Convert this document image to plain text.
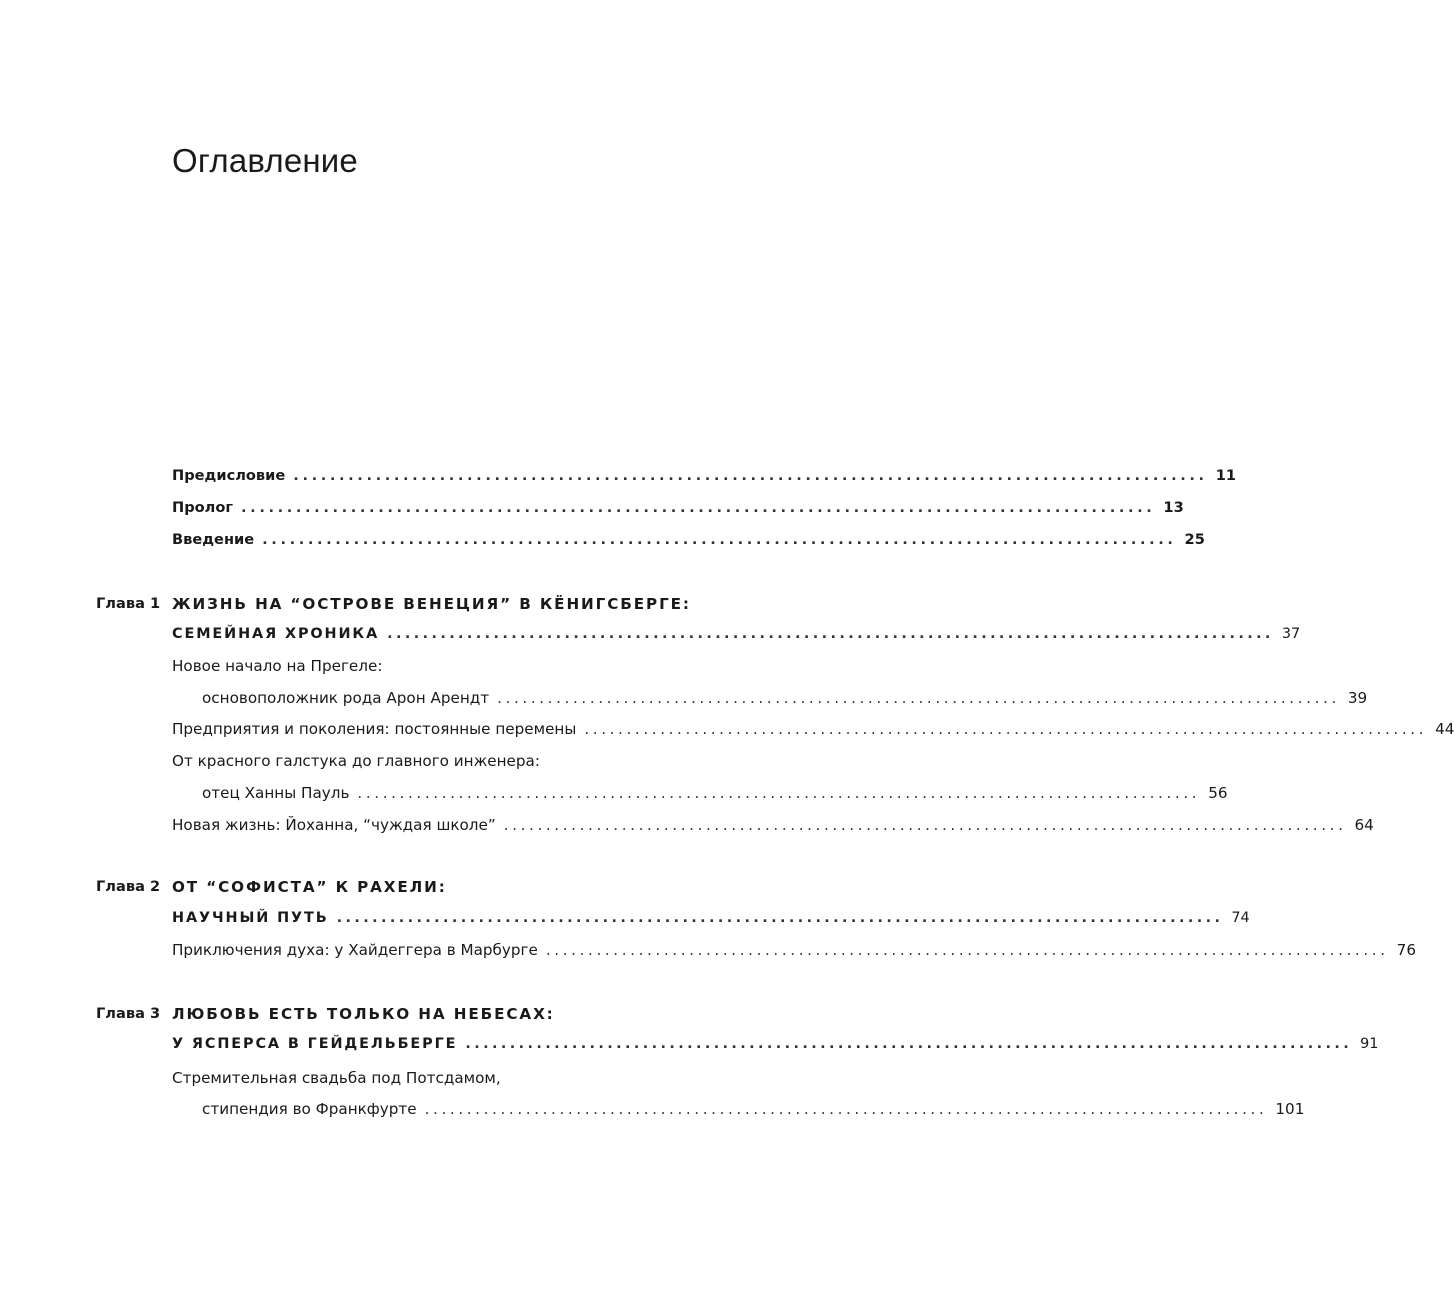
Оглавление
Предисловие .................................................................................................... 11
Пролог .................................................................................................... 13
Введение .................................................................................................... 25
Глава 1 ЖИЗНЬ НА “ОСТРОВЕ ВЕНЕЦИЯ” В КЁНИГСБЕРГЕ:
СЕМЕЙНАЯ ХРОНИКА .................................................................................................... 37
Новое начало на Прегеле:
основоположник рода Арон Арендт .................................................................................................... 39
Предприятия и поколения: постоянные перемены .................................................................................................... 44
От красного галстука до главного инженера:
отец Ханны Пауль .................................................................................................... 56
Новая жизнь: Йоханна, “чуждая школе” .................................................................................................... 64
Глава 2 ОТ “СОФИСТА” К РАХЕЛИ:
НАУЧНЫЙ ПУТЬ .................................................................................................... 74
Приключения духа: у Хайдеггера в Марбурге .................................................................................................... 76
Глава 3 ЛЮБОВЬ ЕСТЬ ТОЛЬКО НА НЕБЕСАХ:
У ЯСПЕРСА В ГЕЙДЕЛЬБЕРГЕ .................................................................................................... 91
Стремительная свадьба под Потсдамом,
стипендия во Франкфурте .................................................................................................... 101
